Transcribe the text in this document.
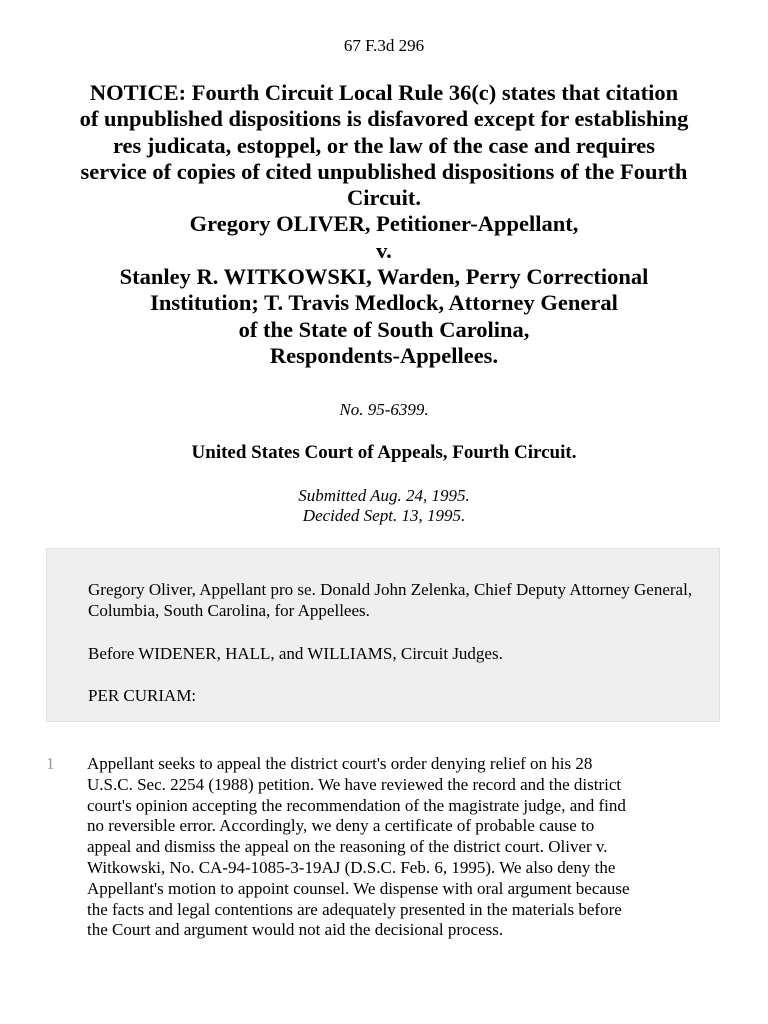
67 F.3d 296
NOTICE: Fourth Circuit Local Rule 36(c) states that citation
of unpublished dispositions is disfavored except for establishing
res judicata, estoppel, or the law of the case and requires
service of copies of cited unpublished dispositions of the Fourth
Circuit.
Gregory OLIVER, Petitioner-Appellant,
v.
Stanley R. WITKOWSKI, Warden, Perry Correctional
Institution; T. Travis Medlock, Attorney General
of the State of South Carolina,
Respondents-Appellees.
No. 95-6399.
United States Court of Appeals, Fourth Circuit.
Submitted Aug. 24, 1995.
Decided Sept. 13, 1995.

Gregory Oliver, Appellant pro se. Donald John Zelenka, Chief Deputy Attorney General, Columbia, South Carolina, for Appellees.

Before WIDENER, HALL, and WILLIAMS, Circuit Judges.

PER CURIAM:

1 Appellant seeks to appeal the district court's order denying relief on his 28
U.S.C. Sec. 2254 (1988) petition. We have reviewed the record and the district
court's opinion accepting the recommendation of the magistrate judge, and find
no reversible error. Accordingly, we deny a certificate of probable cause to
appeal and dismiss the appeal on the reasoning of the district court. Oliver v.
Witkowski, No. CA-94-1085-3-19AJ (D.S.C. Feb. 6, 1995). We also deny the
Appellant's motion to appoint counsel. We dispense with oral argument because
the facts and legal contentions are adequately presented in the materials before
the Court and argument would not aid the decisional process.
